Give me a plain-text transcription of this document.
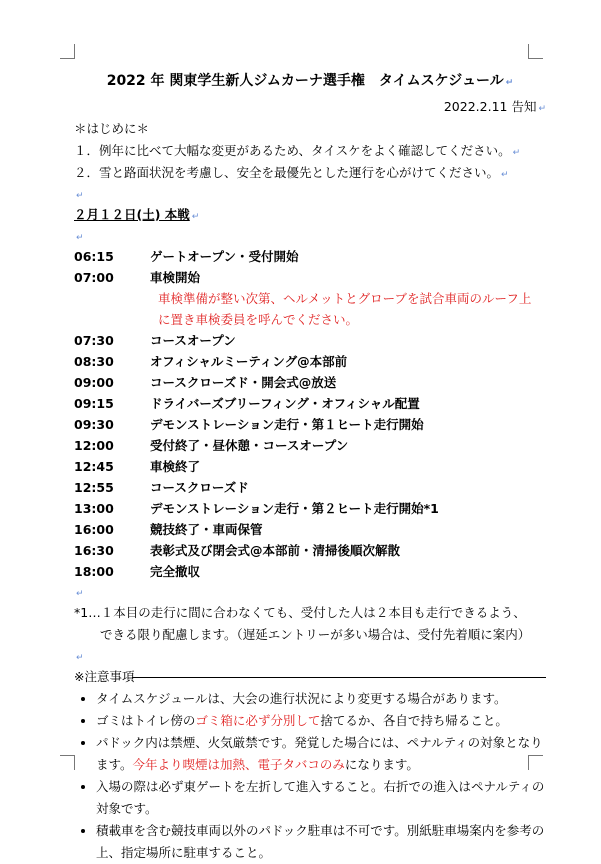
2022 年 関東学生新人ジムカーナ選手権　タイムスケジュール ↵
2022.2.11 告知 ↵
＊はじめに＊
１．例年に比べて大幅な変更があるため、タイスケをよく確認してください。 ↵
２．雪と路面状況を考慮し、安全を最優先とした運行を心がけてください。 ↵
↵
２月１２日(土) 本戦 ↵
↵
06:15	ゲートオープン・受付開始
07:00	車検開始
車検準備が整い次第、ヘルメットとグローブを試合車両のルーフ上
に置き車検委員を呼んでください。
07:30	コースオープン
08:30	オフィシャルミーティング@本部前
09:00	コースクローズド・開会式@放送
09:15	ドライバーズブリーフィング・オフィシャル配置
09:30	デモンストレーション走行・第１ヒート走行開始
12:00	受付終了・昼休憩・コースオープン
12:45	車検終了
12:55	コースクローズド
13:00	デモンストレーション走行・第２ヒート走行開始*1
16:00	競技終了・車両保管
16:30	表彰式及び閉会式@本部前・清掃後順次解散
18:00	完全撤収
↵
*1…１本目の走行に間に合わなくても、受付した人は２本目も走行できるよう、
できる限り配慮します。（遅延エントリーが多い場合は、受付先着順に案内）
↵
※注意事項
• タイムスケジュールは、大会の進行状況により変更する場合があります。
• ゴミはトイレ傍のゴミ箱に必ず分別して捨てるか、各自で持ち帰ること。
• パドック内は禁煙、火気厳禁です。発覚した場合には、ペナルティの対象となり
ます。今年より喫煙は加熱、電子タバコのみになります。
• 入場の際は必ず東ゲートを左折して進入すること。右折での進入はペナルティの
対象です。
• 積載車を含む競技車両以外のパドック駐車は不可です。別紙駐車場案内を参考の
上、指定場所に駐車すること。
